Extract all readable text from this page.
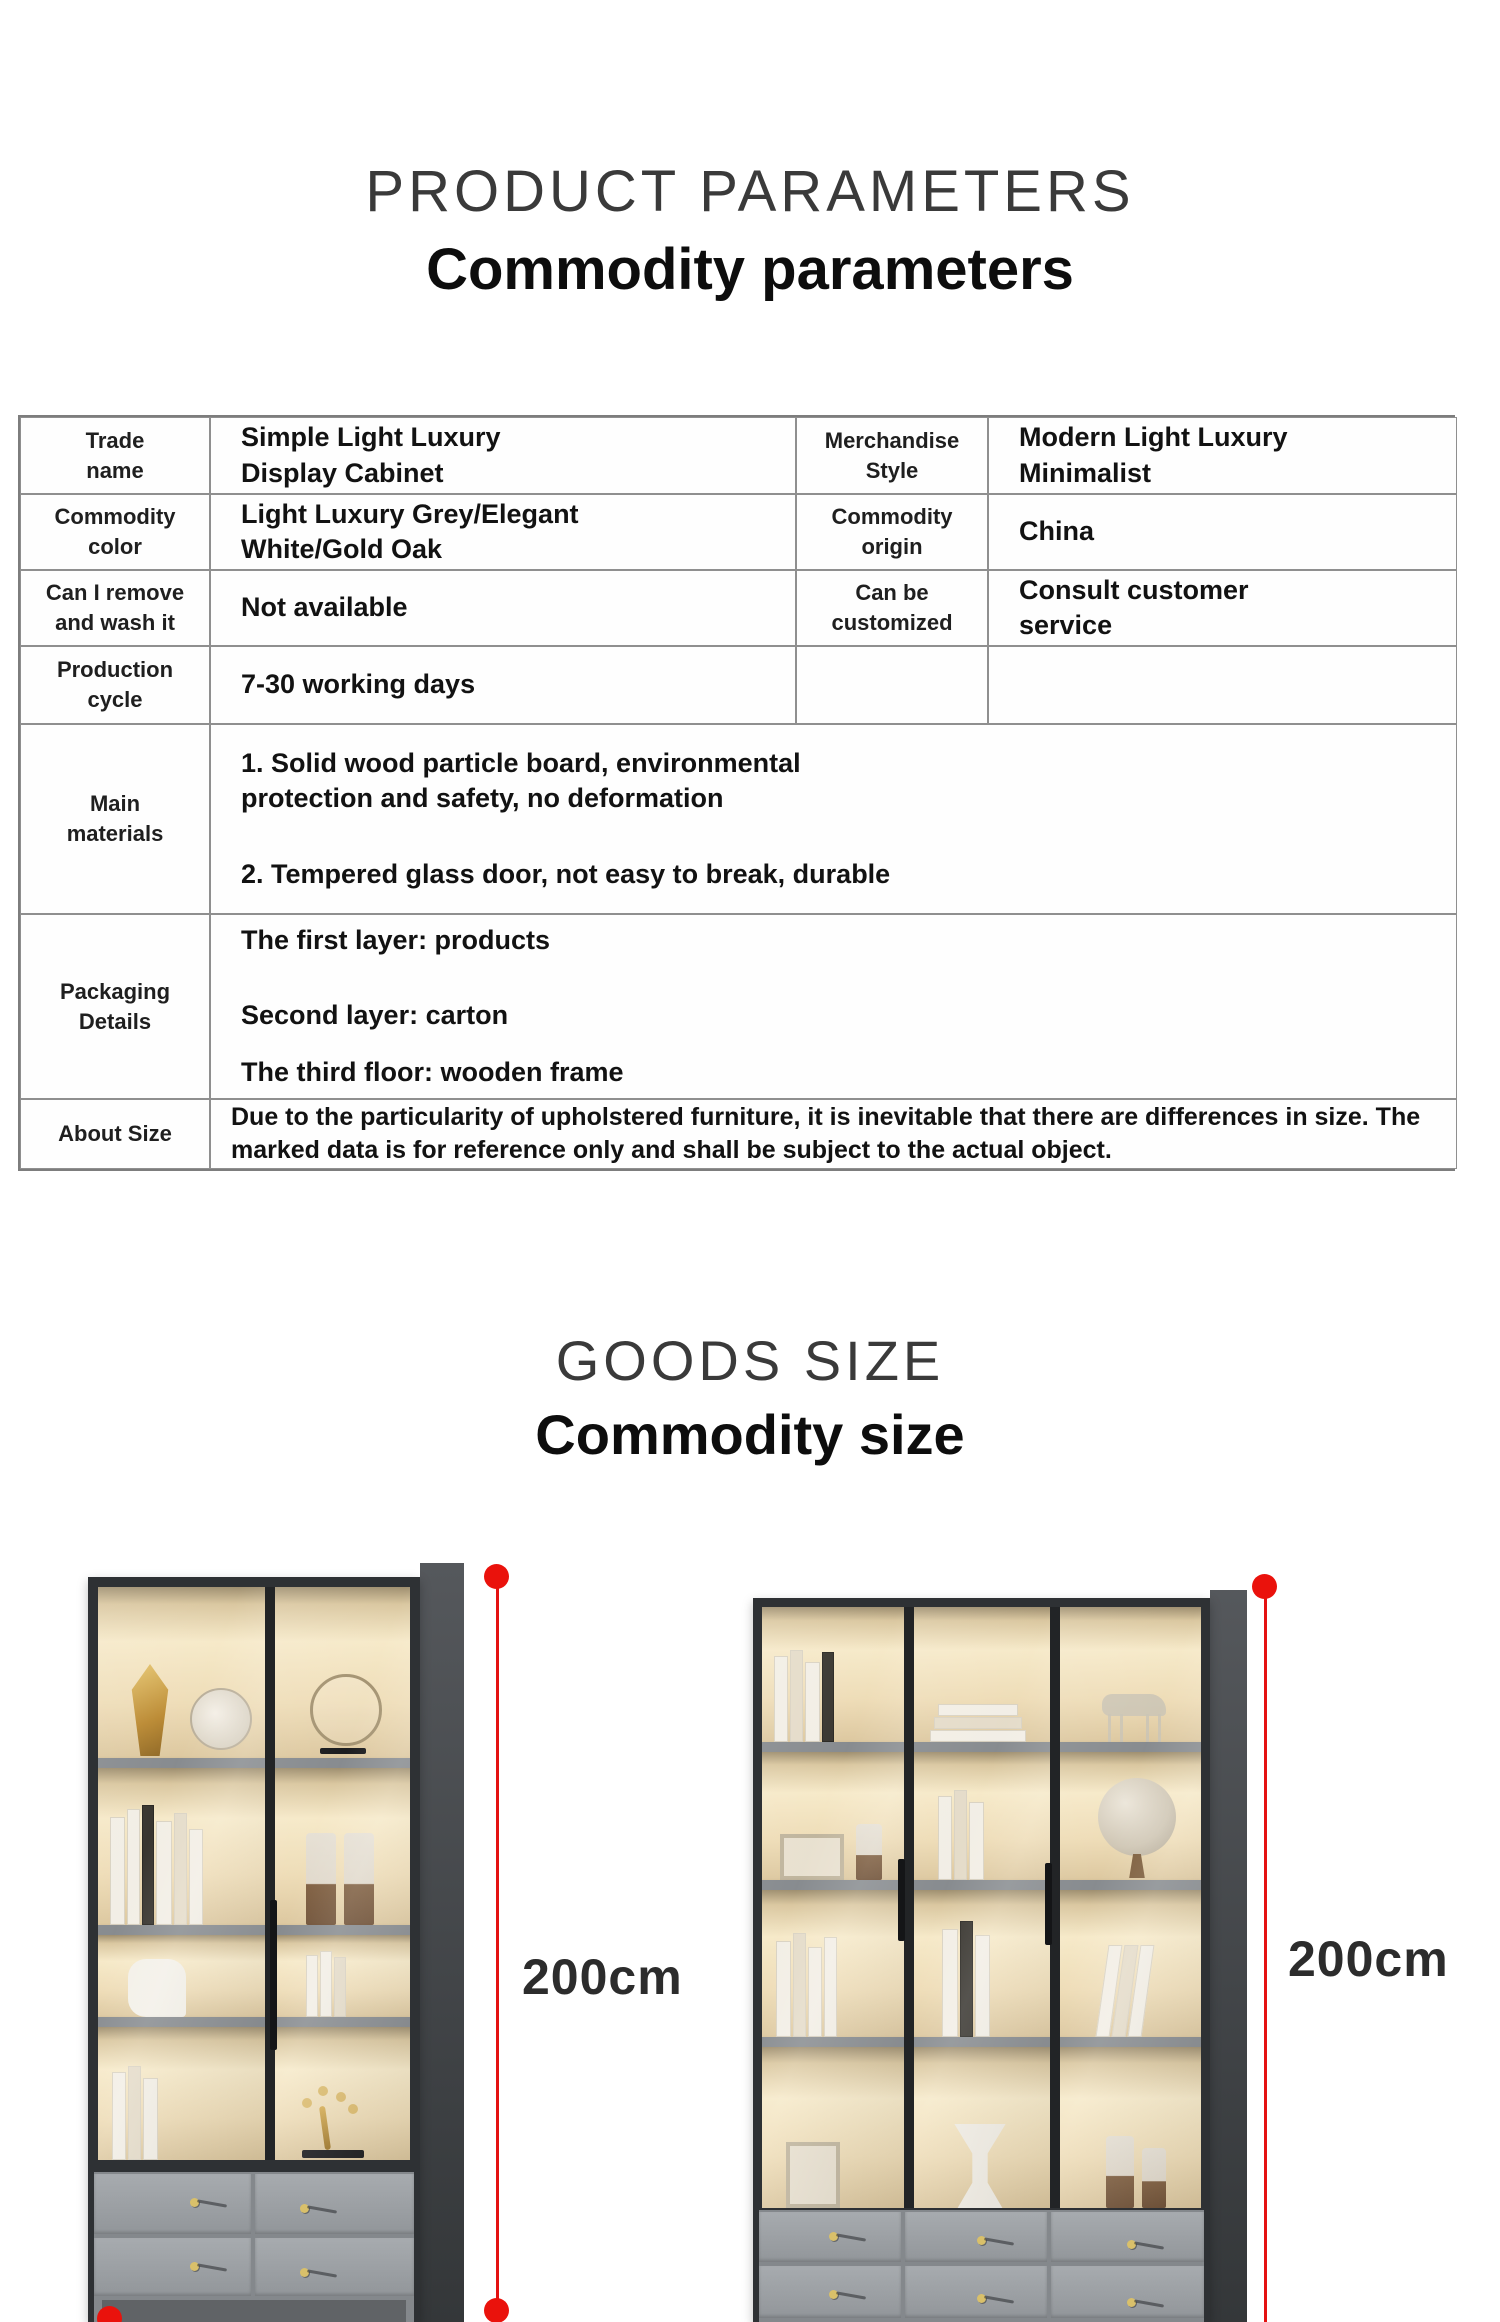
PRODUCT PARAMETERS
Commodity parameters
Trade
name
Simple Light Luxury
Display Cabinet
Merchandise
Style
Modern Light Luxury
Minimalist
Commodity
color
Light Luxury Grey/Elegant
White/Gold Oak
Commodity
origin
China
Can I remove
and wash it
Not available	Can be
customized
Consult customer
service
Production
cycle
7-30 working days
Main
materials
1. Solid wood particle board, environmental
protection and safety, no deformation
2. Tempered glass door, not easy to break, durable
Packaging
Details
The first layer: products
Second layer: carton
The third floor: wooden frame
About Size
Due to the particularity of upholstered furniture, it is inevitable that there are differences in size. The marked data is for reference only and shall be subject to the actual object.
GOODS SIZE
Commodity size
200cm	200cm
